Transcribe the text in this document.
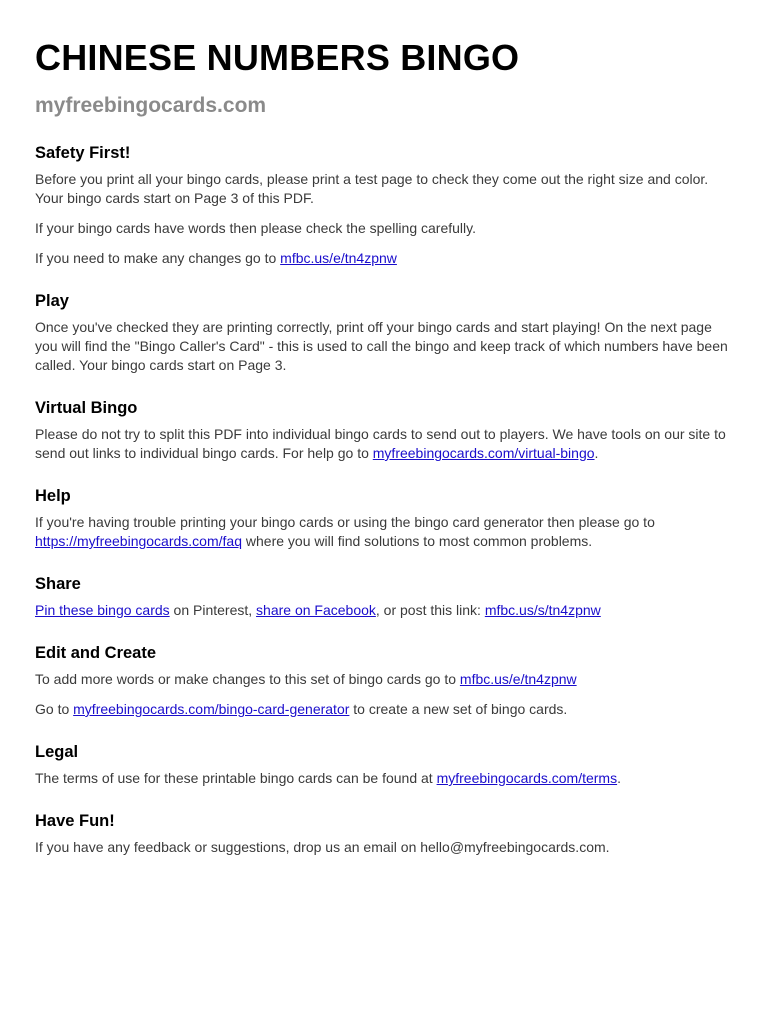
CHINESE NUMBERS BINGO
myfreebingocards.com
Safety First!

Before you print all your bingo cards, please print a test page to check they come out the right size and color. Your bingo cards start on Page 3 of this PDF.

If your bingo cards have words then please check the spelling carefully.

If you need to make any changes go to mfbc.us/e/tn4zpnw

Play

Once you've checked they are printing correctly, print off your bingo cards and start playing! On the next page you will find the "Bingo Caller's Card" - this is used to call the bingo and keep track of which numbers have been called. Your bingo cards start on Page 3.

Virtual Bingo

Please do not try to split this PDF into individual bingo cards to send out to players. We have tools on our site to send out links to individual bingo cards. For help go to myfreebingocards.com/virtual-bingo.

Help

If you're having trouble printing your bingo cards or using the bingo card generator then please go to https://myfreebingocards.com/faq where you will find solutions to most common problems.

Share

Pin these bingo cards on Pinterest, share on Facebook, or post this link: mfbc.us/s/tn4zpnw

Edit and Create

To add more words or make changes to this set of bingo cards go to mfbc.us/e/tn4zpnw

Go to myfreebingocards.com/bingo-card-generator to create a new set of bingo cards.

Legal

The terms of use for these printable bingo cards can be found at myfreebingocards.com/terms.

Have Fun!

If you have any feedback or suggestions, drop us an email on hello@myfreebingocards.com.
